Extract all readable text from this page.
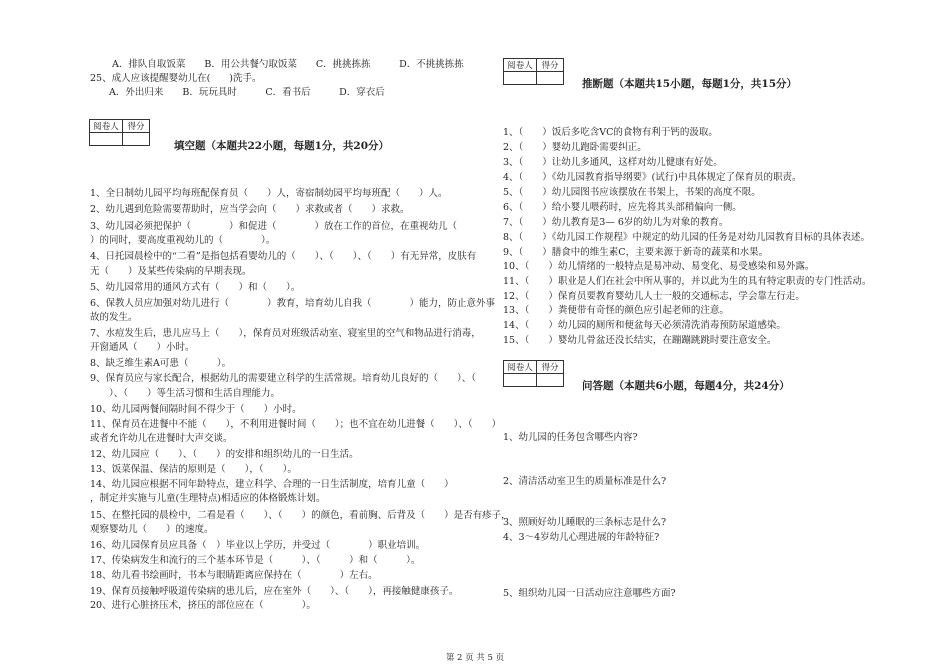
A．排队自取饭菜　　B．用公共餐勺取饭菜　　C．挑挑拣拣　　　D．不挑挑拣拣
25、成人应该提醒婴幼儿在(　　)洗手。
　　A．外出归来　　B．玩玩具时　　　C．看书后　　　D．穿衣后
阅卷人	得分

填空题（本题共22小题，每题1分，共20分）
1、全日制幼儿园平均每班配保育员（　　）人，寄宿制幼园平均每班配（　　）人。
2、幼儿遇到危险需要帮助时，应当学会向（　　）求救或者（　　）求救。
3、幼儿园必须把保护（　　　　）和促进（　　　　）放在工作的首位，在重视幼儿（　　
）的同时，要高度重视幼儿的（　　　　）。
4、日托园晨检中的“二看”是指包括看婴幼儿的（　　）、（　　）、（　　）有无异常，皮肤有
无（　　）及某些传染病的早期表现。
5、幼儿园常用的通风方式有（　　）和（　　）。
6、保教人员应加强对幼儿进行（　　　　）教育，培育幼儿自我（　　　　）能力，防止意外事
故的发生。
7、水痘发生后，患儿应马上（　　），保育员对班级活动室、寝室里的空气和物品进行消毒，
开窗通风（　　）小时。
8、缺乏维生素A可患（　　　）。
9、保育员应与家长配合，根据幼儿的需要建立科学的生活常规。培育幼儿良好的（　　）、（
　　）、（　　）等生活习惯和生活自理能力。
10、幼儿园两餐间隔时间不得少于（　　）小时。
11、保育员在进餐中不能（　　），不利用进餐时间（　　）；也不宜在幼儿进餐（　　）、（　　）
或者允许幼儿在进餐时大声交谈。
12、幼儿园应（　　）、（　　）的安排和组织幼儿的一日生活。
13、饭菜保温、保洁的原则是（　　），（　　）。
14、幼儿园应根据不同年龄特点，建立科学、合理的一日生活制度，培育儿童（　　）
，制定并实施与儿童(生理特点)相适应的体格锻炼计划。
15、在整托园的晨检中，二看是看（　　）、（　　）的颜色，看前胸、后背及（　　）是否有疹子，
观察婴幼儿（　　）的速度。
16、幼儿园保育员应具备（　）毕业以上学历，并受过（　　　　）职业培训。
17、传染病发生和流行的三个基本环节是（　　　）、（　　　）和（　　　）。
18、幼儿看书绘画时，书本与眼睛距离应保持在（　　　　）左右。
19、保育员接触呼吸道传染病的患儿后，应在室外（　　）、（　　），再接触健康孩子。
20、进行心脏挤压术，挤压的部位应在（　　　　）。
阅卷人	得分

推断题（本题共15小题，每题1分，共15分）
1、（　　）饭后多吃含VC的食物有利于钙的汲取。
2、（　　）婴幼儿跑卧需要纠正。
3、（　　）让幼儿多通风，这样对幼儿健康有好处。
4、（　　）《幼儿园教育指导纲要》(试行)中具体规定了保育员的职责。
5、（　　）幼儿园图书应该摆放在书架上，书架的高度不限。
6、（　　）给小婴儿喂药时，应先将其头部稍偏向一侧。
7、（　　）幼儿教育是3— 6岁的幼儿为对象的教育。
8、（　　）《幼儿园工作规程》中规定的幼儿园的任务是对幼儿园教育目标的具体表述。
9、（　　）膳食中的维生素C，主要来源于新奇的蔬菜和水果。
10、（　　）幼儿情绪的一般特点是易冲动、易变化、易受感染和易外露。
11、（　　）职业是人们在社会中所从事的，并以此为生的具有特定职责的专门性活动。
12、（　　）保育员要教育婴幼儿人士一般的交通标志，学会靠左行走。
13、（　　）粪便带有奇怪的颜色应引起老师的注意。
14、（　　）幼儿园的厕所和便盆每天必须清洗消毒预防尿道感染。
15、（　　）婴幼儿骨盆还没长结实，在蹦蹦跳跳时要注意安全。
阅卷人	得分

问答题（本题共6小题，每题4分，共24分）
1、幼儿园的任务包含哪些内容?
2、清洁活动室卫生的质量标准是什么?
3、照顾好幼儿睡眠的三条标志是什么?
4、3～4岁幼儿心理进展的年龄特征?
5、组织幼儿园一日活动应注意哪些方面?
第 2 页 共 5 页
